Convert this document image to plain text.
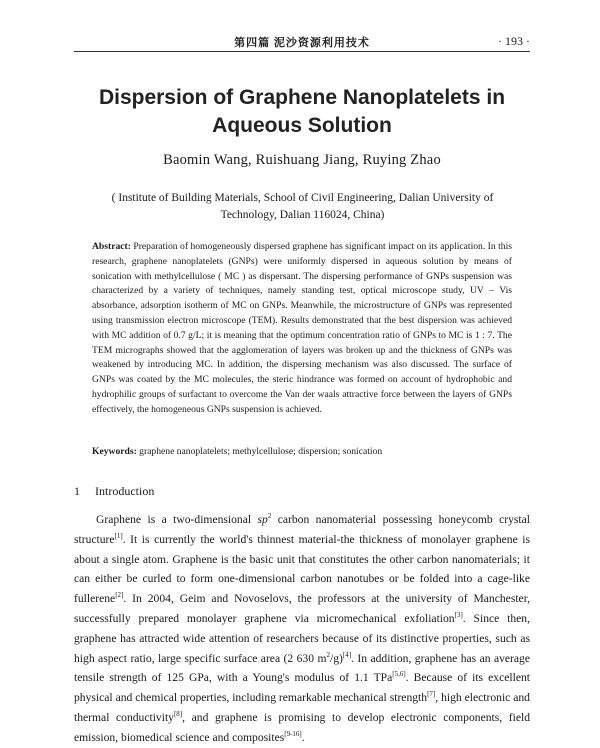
第四篇 泥沙资源利用技术	· 193 ·
Dispersion of Graphene Nanoplatelets in Aqueous Solution
Baomin Wang, Ruishuang Jiang, Ruying Zhao
( Institute of Building Materials, School of Civil Engineering, Dalian University of Technology, Dalian 116024, China)
Abstract: Preparation of homogeneously dispersed graphene has significant impact on its application. In this research, graphene nanoplatelets (GNPs) were uniformly dispersed in aqueous solution by means of sonication with methylcellulose ( MC ) as dispersant. The dispersing performance of GNPs suspension was characterized by a variety of techniques, namely standing test, optical microscope study, UV – Vis absorbance, adsorption isotherm of MC on GNPs. Meanwhile, the microstructure of GNPs was represented using transmission electron microscope (TEM). Results demonstrated that the best dispersion was achieved with MC addition of 0.7 g/L; it is meaning that the optimum concentration ratio of GNPs to MC is 1 : 7. The TEM micrographs showed that the agglomeration of layers was broken up and the thickness of GNPs was weakened by introducing MC. In addition, the dispersing mechanism was also discussed. The surface of GNPs was coated by the MC molecules, the steric hindrance was formed on account of hydrophobic and hydrophilic groups of surfactant to overcome the Van der waals attractive force between the layers of GNPs effectively, the homogeneous GNPs suspension is achieved.
Keywords: graphene nanoplatelets; methylcellulose; dispersion; sonication
1 Introduction
Graphene is a two-dimensional $sp^2$ carbon nanomaterial possessing honeycomb crystal structure[1]. It is currently the world's thinnest material-the thickness of monolayer graphene is about a single atom. Graphene is the basic unit that constitutes the other carbon nanomaterials; it can either be curled to form one-dimensional carbon nanotubes or be folded into a cage-like fullerene[2]. In 2004, Geim and Novoselovs, the professors at the university of Manchester, successfully prepared monolayer graphene via micromechanical exfoliation[3]. Since then, graphene has attracted wide attention of researchers because of its distinctive properties, such as high aspect ratio, large specific surface area (2 630 $m^2/g)[4]$. In addition, graphene has an average tensile strength of 125 GPa, with a Young's modulus of 1.1 TPa[5,6]. Because of its excellent physical and chemical properties, including remarkable mechanical strength[7], high electronic and thermal conductivity[8], and graphene is promising to develop electronic components, field emission, biomedical science and composites[9-16].
